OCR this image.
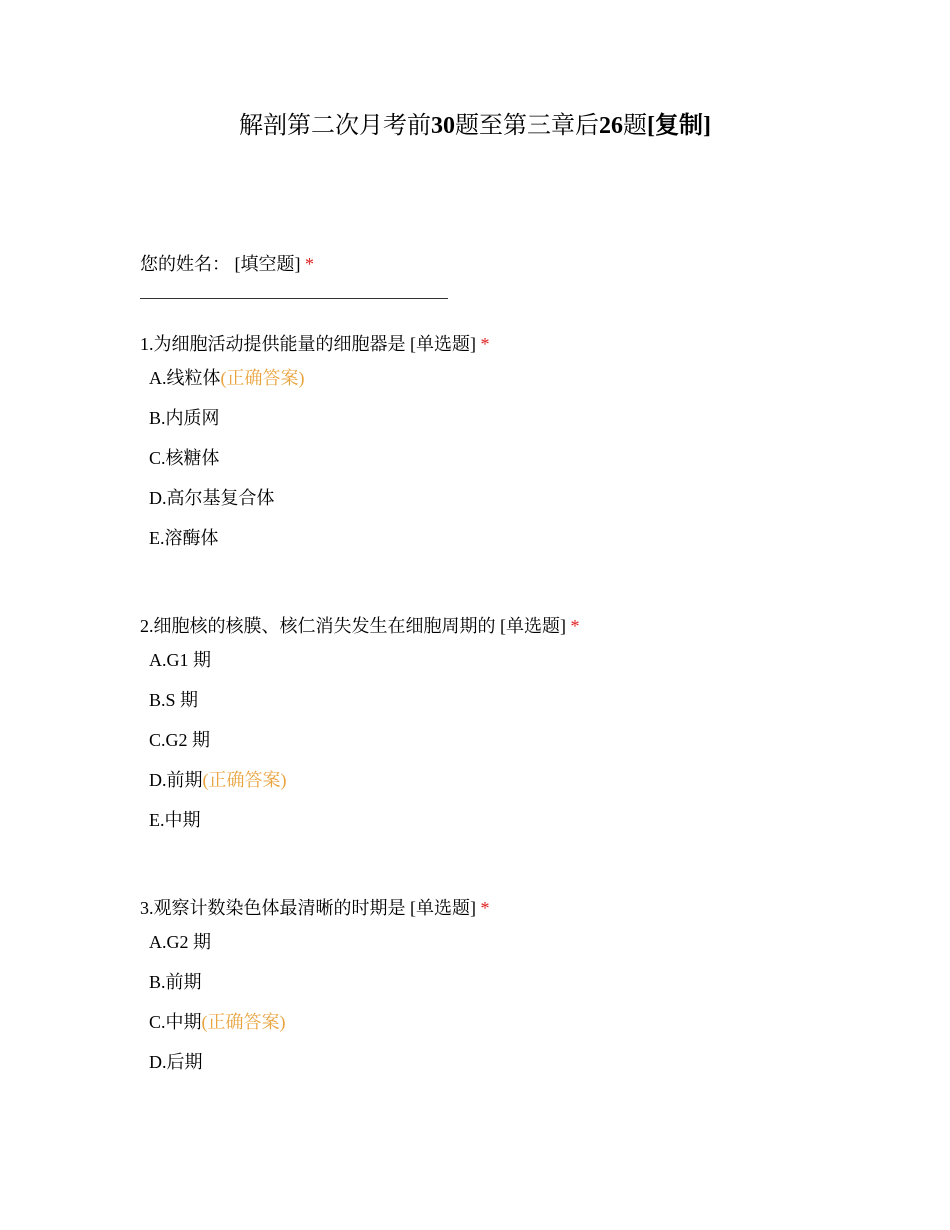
解剖第二次月考前30题至第三章后26题[复制]
您的姓名： [填空题] *
1.为细胞活动提供能量的细胞器是 [单选题] *
A.线粒体(正确答案)
B.内质网
C.核糖体
D.高尔基复合体
E.溶酶体
2.细胞核的核膜、核仁消失发生在细胞周期的 [单选题] *
A.G1 期
B.S 期
C.G2 期
D.前期(正确答案)
E.中期
3.观察计数染色体最清晰的时期是 [单选题] *
A.G2 期
B.前期
C.中期(正确答案)
D.后期
